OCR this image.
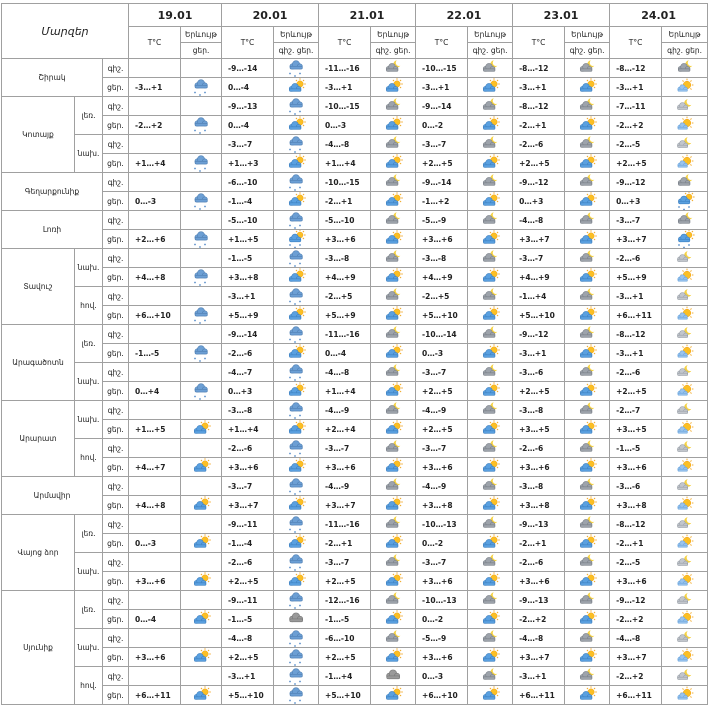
Մարզեր			19.01		20.01		21.01		22.01		23.01		24.01	
			T°C	Երևույթ	T°C	Երևույթ	T°C	Երևույթ	T°C	Երևույթ	T°C	Երևույթ	T°C	Երևույթ
				ցեր.		գիշ. ցեր.		գիշ. ցեր.		գիշ. ցեր.		գիշ. ցեր.		գիշ. ցեր.
Շիրակ		գիշ.			-9…-14		-11…-16		-10…-15		-8…-12		-8…-12	

		ցեր.	-3…+1		0…-4		-3…+1		-3…+1		-3…+1		-3…+1	

Կոտայք	լեռ.	գիշ.			-9…-13		-10…-15		-9…-14		-8…-12		-7…-11	

		ցեր.	-2…+2		0…-4		0…-3		0…-2		-2…+1		-2…+2	

	նախ.	գիշ.			-3…-7		-4…-8		-3…-7		-2…-6		-2…-5	

		ցեր.	+1…+4		+1…+3		+1…+4		+2…+5		+2…+5		+2…+5	

Գեղարքունիք		գիշ.			-6…-10		-10…-15		-9…-14		-9…-12		-9…-12	

		ցեր.	0…-3		-1…-4		-2…+1		-1…+2		0…+3		0…+3	

Լոռի		գիշ.			-5…-10		-5…-10		-5…-9		-4…-8		-3…-7	

		ցեր.	+2…+6		+1…+5		+3…+6		+3…+6		+3…+7		+3…+7	

Տավուշ	նախ.	գիշ.			-1…-5		-3…-8		-3…-8		-3…-7		-2…-6	

		ցեր.	+4…+8		+3…+8		+4…+9		+4…+9		+4…+9		+5…+9	

	հով.	գիշ.			-3…+1		-2…+5		-2…+5		-1…+4		-3…+1	

		ցեր.	+6…+10		+5…+9		+5…+9		+5…+10		+5…+10		+6…+11	

Արագածոտն	լեռ.	գիշ.			-9…-14		-11…-16		-10…-14		-9…-12		-8…-12	

		ցեր.	-1…-5		-2…-6		0…-4		0…-3		-3…+1		-3…+1	

	նախ.	գիշ.			-4…-7		-4…-8		-3…-7		-3…-6		-2…-6	

		ցեր.	0…+4		0…+3		+1…+4		+2…+5		+2…+5		+2…+5	

Արարատ	նախ.	գիշ.			-3…-8		-4…-9		-4…-9		-3…-8		-2…-7	

		ցեր.	+1…+5		+1…+4		+2…+4		+2…+5		+3…+5		+3…+5	

	հով.	գիշ.			-2…-6		-3…-7		-3…-7		-2…-6		-1…-5	

		ցեր.	+4…+7		+3…+6		+3…+6		+3…+6		+3…+6		+3…+6	

Արմավիր		գիշ.			-3…-7		-4…-9		-4…-9		-3…-8		-3…-6	

		ցեր.	+4…+8		+3…+7		+3…+7		+3…+8		+3…+8		+3…+8	

Վայոց ձոր	լեռ.	գիշ.			-9…-11		-11…-16		-10…-13		-9…-13		-8…-12	

		ցեր.	0…-3		-1…-4		-2…+1		0…-2		-2…+1		-2…+1	

	նախ.	գիշ.			-2…-6		-3…-7		-3…-7		-2…-6		-2…-5	

		ցեր.	+3…+6		+2…+5		+2…+5		+3…+6		+3…+6		+3…+6	

Սյունիք	լեռ.	գիշ.			-9…-11		-12…-16		-10…-13		-9…-13		-9…-12	

		ցեր.	0…-4		-1…-5		-1…-5		0…-2		-2…+2		-2…+2	

	նախ.	գիշ.			-4…-8		-6…-10		-5…-9		-4…-8		-4…-8	

		ցեր.	+3…+6		+2…+5		+2…+5		+3…+6		+3…+7		+3…+7	

	հով.	գիշ.			-3…+1		-1…+4		0…-3		-3…+1		-2…+2	

		ցեր.	+6…+11		+5…+10		+5…+10		+6…+10		+6…+11		+6…+11	
